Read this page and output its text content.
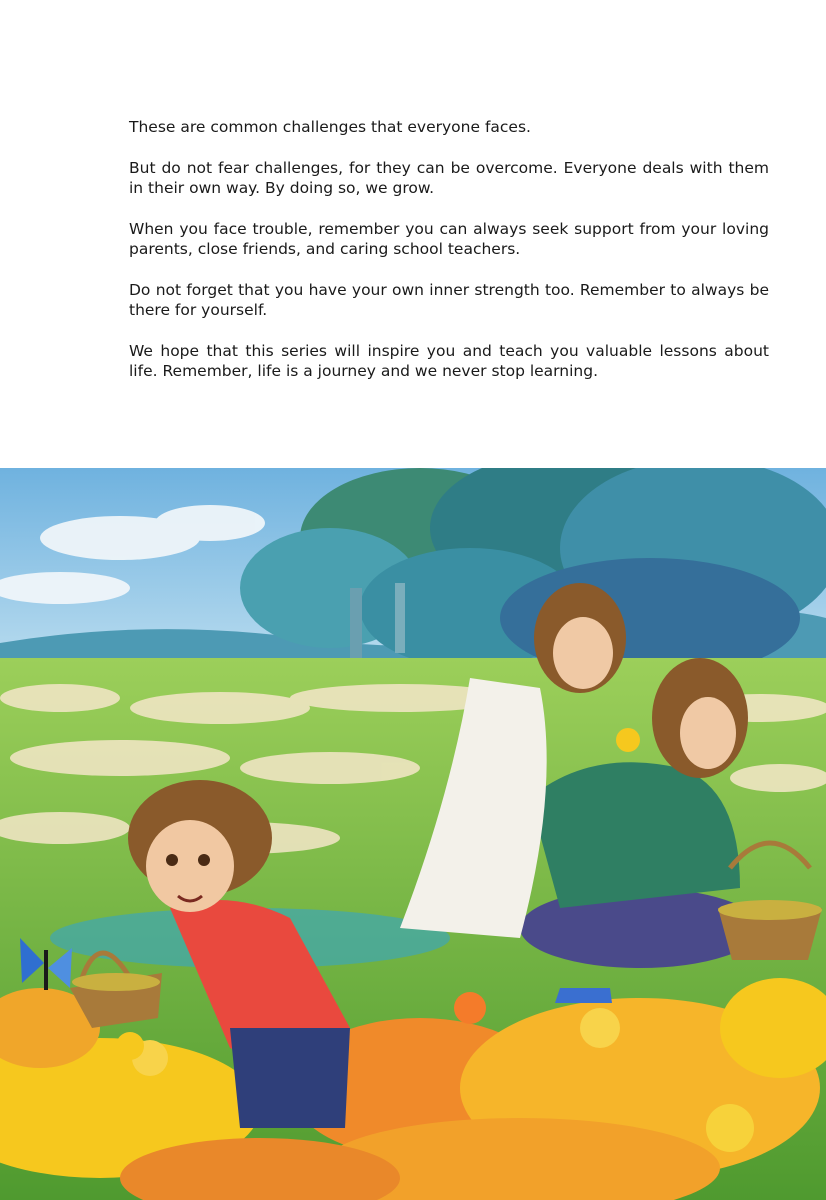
These are common challenges that everyone faces.

But do not fear challenges, for they can be overcome. Everyone deals with them in their own way. By doing so, we grow.

When you face trouble, remember you can always seek support from your loving parents, close friends, and caring school teachers.

Do not forget that you have your own inner strength too. Remember to always be there for yourself.

We hope that this series will inspire you and teach you valuable lessons about life. Remember, life is a journey and we never stop learning.
